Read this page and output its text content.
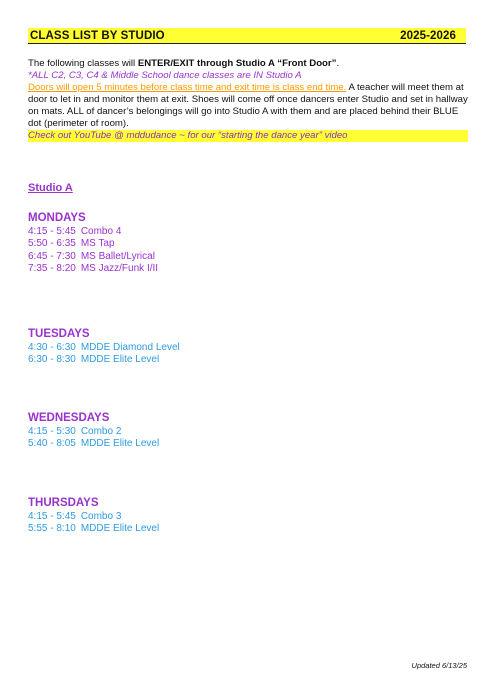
CLASS LIST BY STUDIO	2025-2026
The following classes will ENTER/EXIT through Studio A “Front Door”.
*ALL C2, C3, C4 & Middle School dance classes are IN Studio A
Doors will open 5 minutes before class time and exit time is class end time. A teacher will meet them at door to let in and monitor them at exit. Shoes will come off once dancers enter Studio and set in hallway on mats. ALL of dancer’s belongings will go into Studio A with them and are placed behind their BLUE dot (perimeter of room).
Check out YouTube @ mddudance ~ for our “starting the dance year” video
Studio A
MONDAYS
4:15 - 5:45 Combo 4
5:50 - 6:35 MS Tap
6:45 - 7:30 MS Ballet/Lyrical
7:35 - 8:20 MS Jazz/Funk I/II
TUESDAYS
4:30 - 6:30 MDDE Diamond Level
6:30 - 8:30 MDDE Elite Level
WEDNESDAYS
4:15 - 5:30 Combo 2
5:40 - 8:05 MDDE Elite Level
THURSDAYS
4:15 - 5:45 Combo 3
5:55 - 8:10 MDDE Elite Level
Updated 6/13/25
